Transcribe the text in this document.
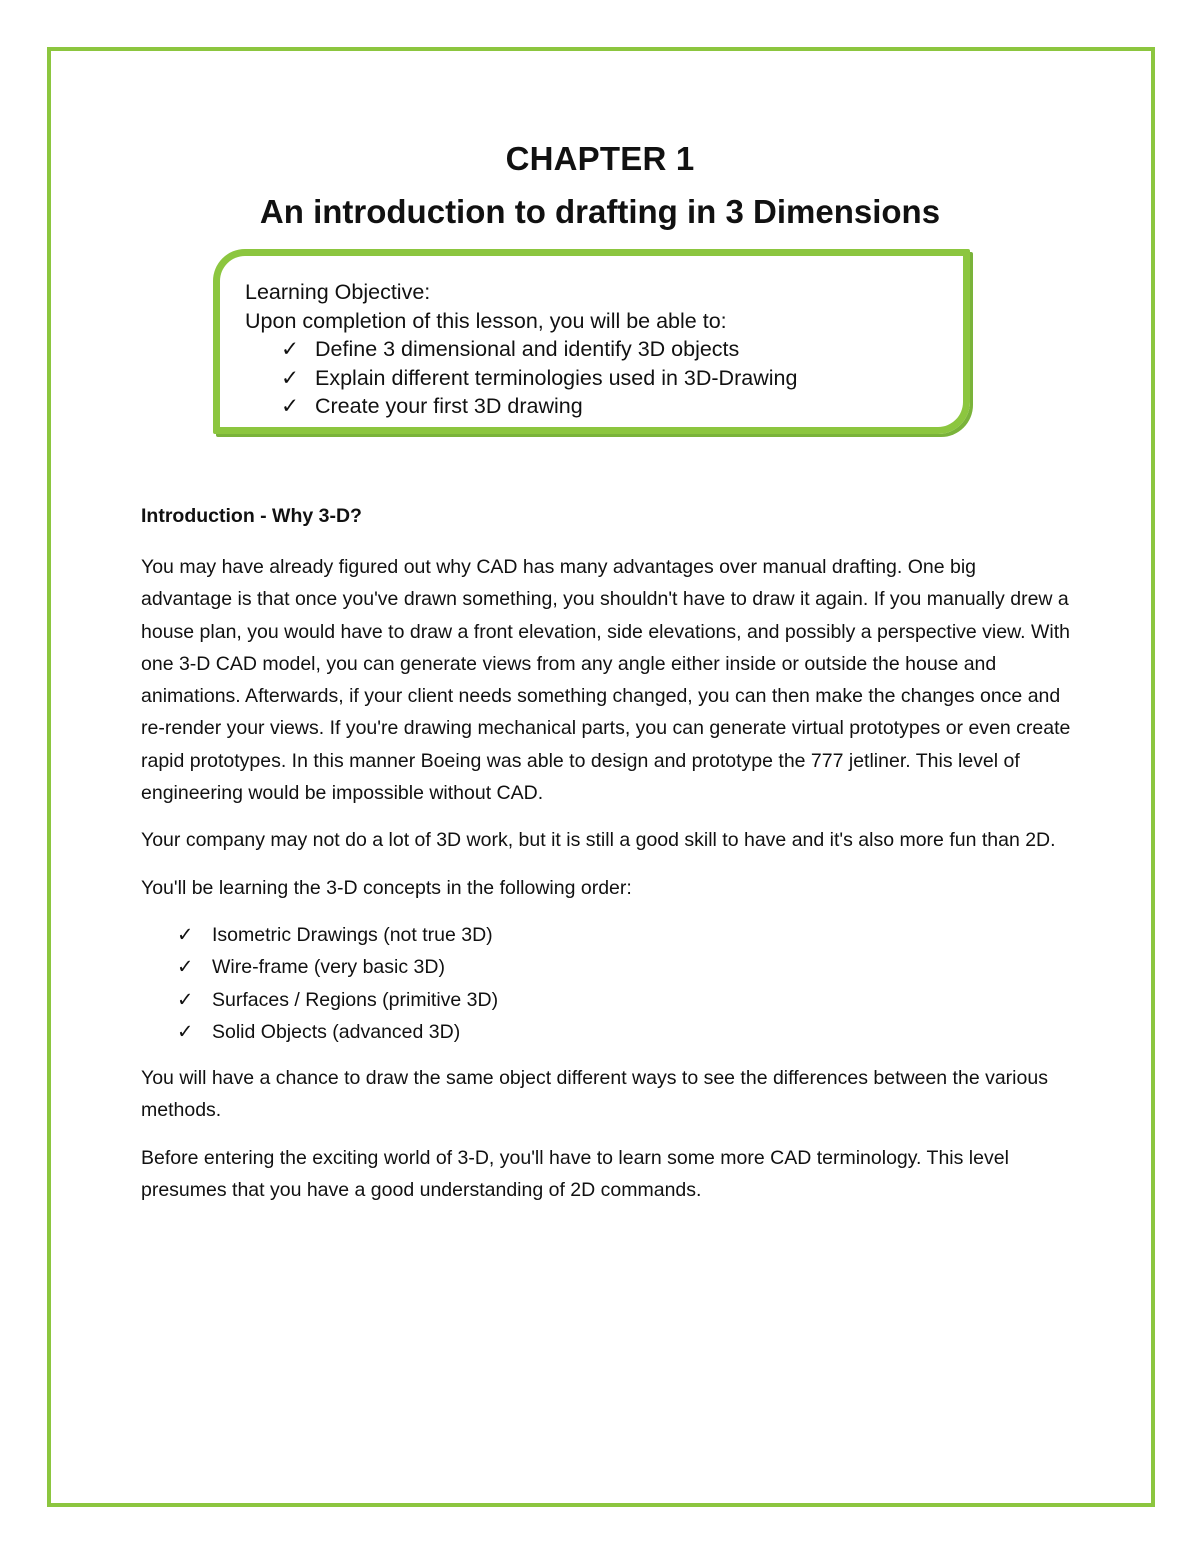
CHAPTER 1
An introduction to drafting in 3 Dimensions
Learning Objective:
Upon completion of this lesson, you will be able to:
✓ Define 3 dimensional and identify 3D objects
✓ Explain different terminologies used in 3D-Drawing
✓ Create your first 3D drawing
Introduction - Why 3-D?

You may have already figured out why CAD has many advantages over manual drafting. One big advantage is that once you've drawn something, you shouldn't have to draw it again. If you manually drew a house plan, you would have to draw a front elevation, side elevations, and possibly a perspective view. With one 3-D CAD model, you can generate views from any angle either inside or outside the house and animations. Afterwards, if your client needs something changed, you can then make the changes once and re-render your views. If you're drawing mechanical parts, you can generate virtual prototypes or even create rapid prototypes. In this manner Boeing was able to design and prototype the 777 jetliner. This level of engineering would be impossible without CAD.

Your company may not do a lot of 3D work, but it is still a good skill to have and it's also more fun than 2D.

You'll be learning the 3-D concepts in the following order:

✓ Isometric Drawings (not true 3D)
✓ Wire-frame (very basic 3D)
✓ Surfaces / Regions (primitive 3D)
✓ Solid Objects (advanced 3D)

You will have a chance to draw the same object different ways to see the differences between the various methods.

Before entering the exciting world of 3-D, you'll have to learn some more CAD terminology. This level presumes that you have a good understanding of 2D commands.
